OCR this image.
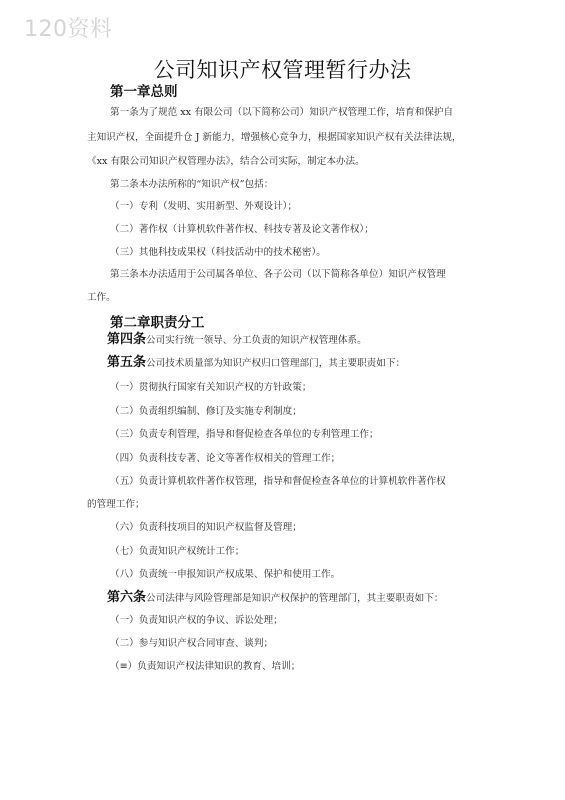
120资料
公司知识产权管理暂行办法
第一章总则
第一条为了规范 xx 有限公司（以下简称公司）知识产权管理工作，培育和保护自
主知识产权，全面提升仓 J 新能力，增强核心竞争力，根据国家知识产权有关法律法规，
《xx 有限公司知识产权管理办法》，结合公司实际，制定本办法。
第二条本办法所称的“知识产权”包括：
（一）专利（发明、实用新型、外观设计）；
（二）著作权（计算机软件著作权、科技专著及论文著作权）；
（三）其他科技成果权（科技活动中的技术秘密）。
第三条本办法适用于公司属各单位、各子公司（以下简称各单位）知识产权管理
工作。
第二章职责分工
第四条公司实行统一领导、分工负责的知识产权管理体系。
第五条公司技术质量部为知识产权归口管理部门，其主要职责如下：
（一）贯彻执行国家有关知识产权的方针政策；
（二）负责组织编制、修订及实施专利制度；
（三）负责专利管理，指导和督促检查各单位的专利管理工作；
（四）负责科技专著、论文等著作权相关的管理工作；
（五）负责计算机软件著作权管理，指导和督促检查各单位的计算机软件著作权
的管理工作；
（六）负责科技项目的知识产权监督及管理；
（七）负责知识产权统计工作；
（八）负责统一申报知识产权成果、保护和使用工作。
第六条公司法律与风险管理部是知识产权保护的管理部门，其主要职责如下：
（一）负责知识产权的争议、诉讼处理；
（二）参与知识产权合同审查、谈判；
（≡）负责知识产权法律知识的教育、培训；
